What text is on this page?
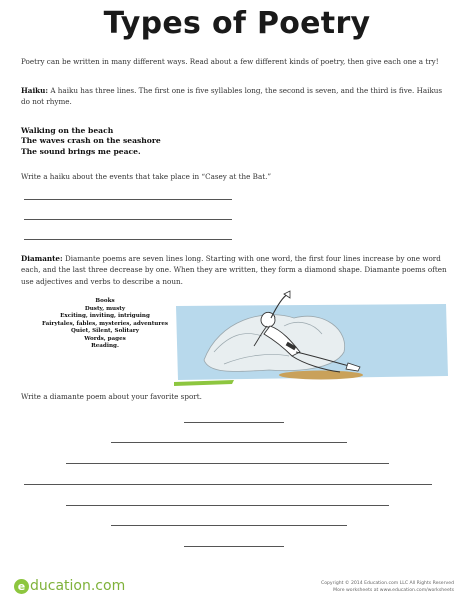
Types of Poetry
Poetry can be written in many different ways. Read about a few different kinds of poetry, then give each one a try!
Haiku: A haiku has three lines. The first one is five syllables long, the second is seven, and the third is five. Haikus do not rhyme.
Walking on the beach
The waves crash on the seashore
The sound brings me peace.
Write a haiku about the events that take place in “Casey at the Bat.”
Diamante: Diamante poems are seven lines long. Starting with one word, the first four lines increase by one word each, and the last three decrease by one. When they are written, they form a diamond shape. Diamante poems often use adjectives and verbs to describe a noun.
Books
Dusty, musty
Exciting, inviting, intriguing
Fairytales, fables, mysteries, adventures
Quiet, Silent, Solitary
Words, pages
Reading.
Write a diamante poem about your favorite sport.
e ducation.com	Copyright © 2014 Education.com LLC All Rights Reserved
More worksheets at www.education.com/worksheets
